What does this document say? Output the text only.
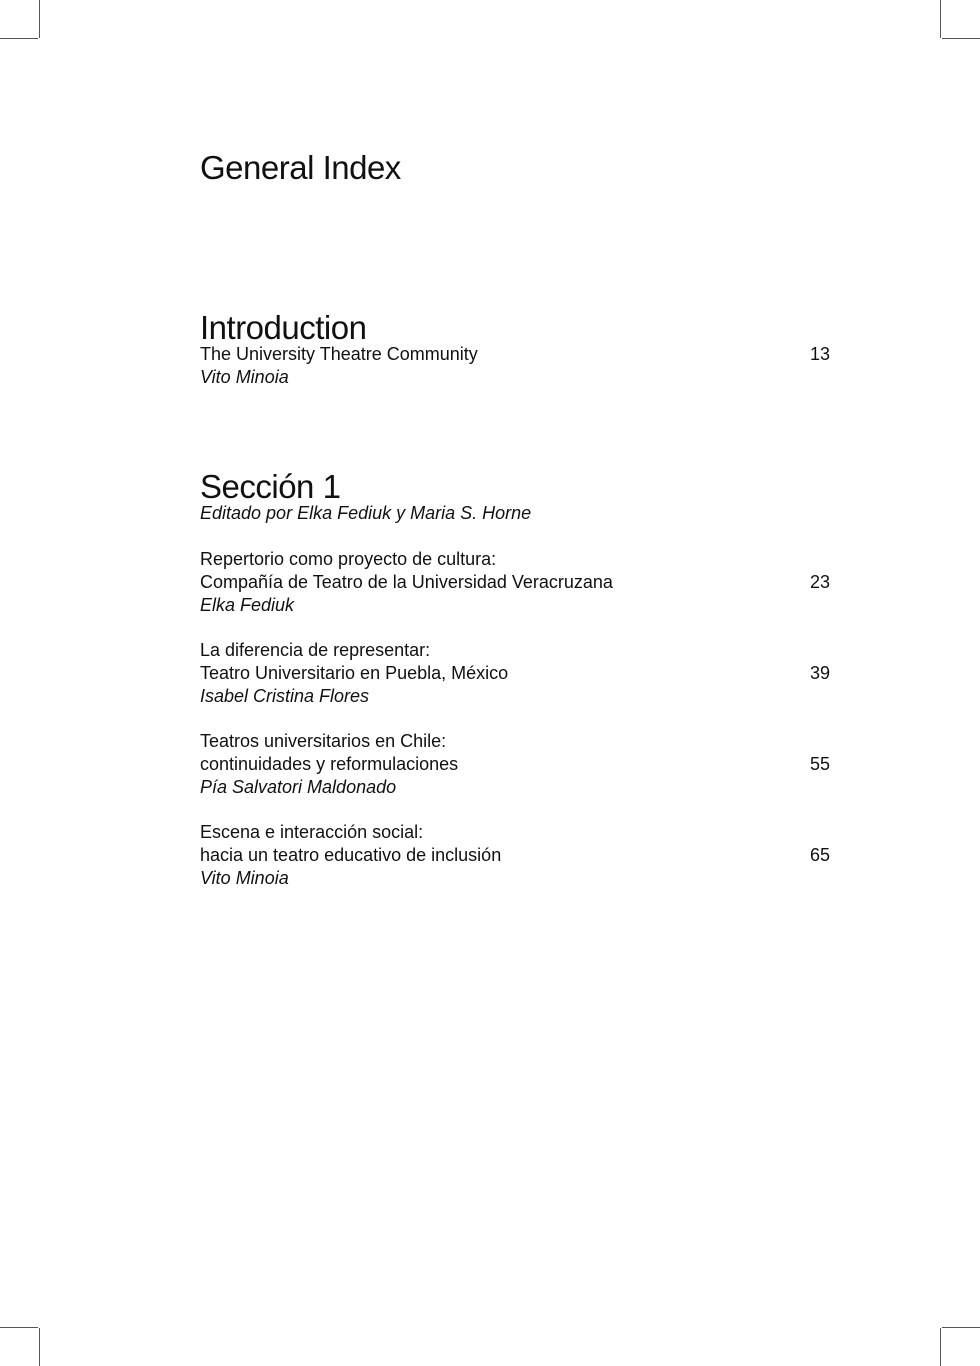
General Index
Introduction
The University Theatre Community
Vito Minoia
13
Sección 1
Editado por Elka Fediuk y Maria S. Horne
Repertorio como proyecto de cultura:
Compañía de Teatro de la Universidad Veracruzana
Elka Fediuk
23
La diferencia de representar:
Teatro Universitario en Puebla, México
Isabel Cristina Flores
39
Teatros universitarios en Chile:
continuidades y reformulaciones
Pía Salvatori Maldonado
55
Escena e interacción social:
hacia un teatro educativo de inclusión
Vito Minoia
65
